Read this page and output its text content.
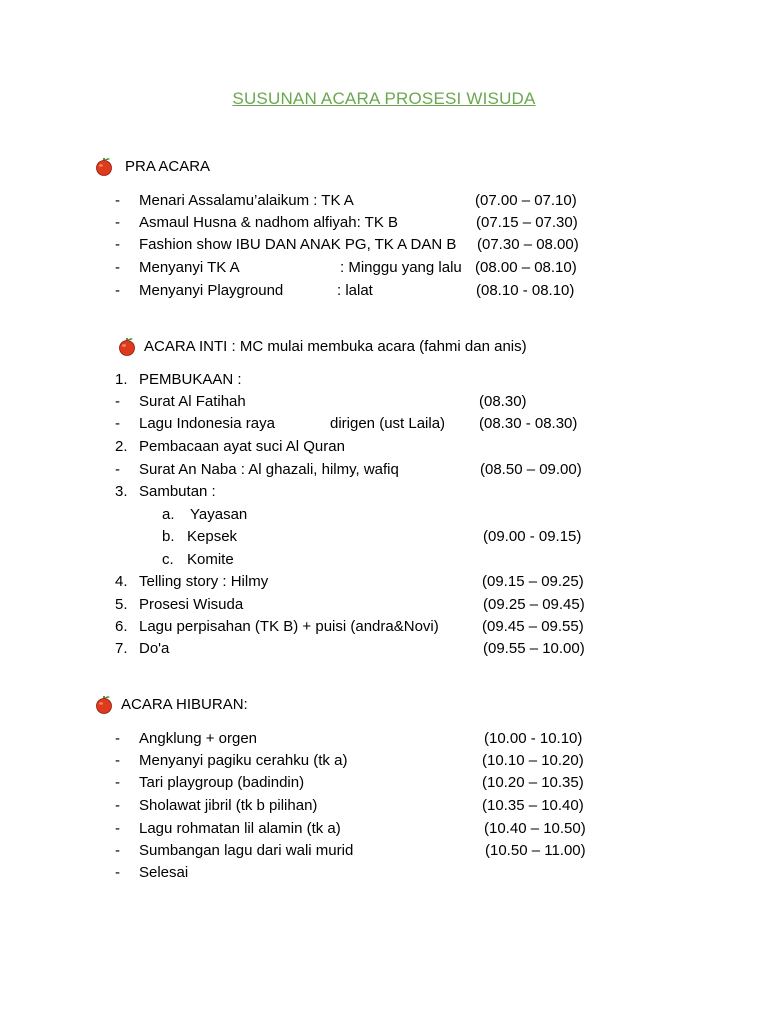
SUSUNAN ACARA PROSESI WISUDA
PRA ACARA
- Menari Assalamu’alaikum : TK A	(07.00 – 07.10)
- Asmaul Husna & nadhom alfiyah: TK B	(07.15 – 07.30)
- Fashion show IBU DAN ANAK PG, TK A DAN B (07.30 – 08.00)
- Menyanyi TK A	: Minggu yang lalu (08.00 – 08.10)
- Menyanyi Playground	: lalat	(08.10 - 08.10)
ACARA INTI : MC mulai membuka acara (fahmi dan anis)
1. PEMBUKAAN :
- Surat Al Fatihah	(08.30)
- Lagu Indonesia raya	dirigen (ust Laila) (08.30 - 08.30)
2. Pembacaan ayat suci Al Quran
- Surat An Naba : Al ghazali, hilmy, wafiq	(08.50 – 09.00)
3. Sambutan :
a. Yayasan
b. Kepsek	(09.00 - 09.15)
c. Komite
4. Telling story : Hilmy	(09.15 – 09.25)
5. Prosesi Wisuda	(09.25 – 09.45)
6. Lagu perpisahan (TK B) + puisi (andra&Novi)	(09.45 – 09.55)
7. Do'a	(09.55 – 10.00)
ACARA HIBURAN:
- Angklung + orgen	(10.00 - 10.10)
- Menyanyi pagiku cerahku (tk a)	(10.10 – 10.20)
- Tari playgroup (badindin)	(10.20 – 10.35)
- Sholawat jibril (tk b pilihan)	(10.35 – 10.40)
- Lagu rohmatan lil alamin (tk a)	(10.40 – 10.50)
- Sumbangan lagu dari wali murid	(10.50 – 11.00)
- Selesai
